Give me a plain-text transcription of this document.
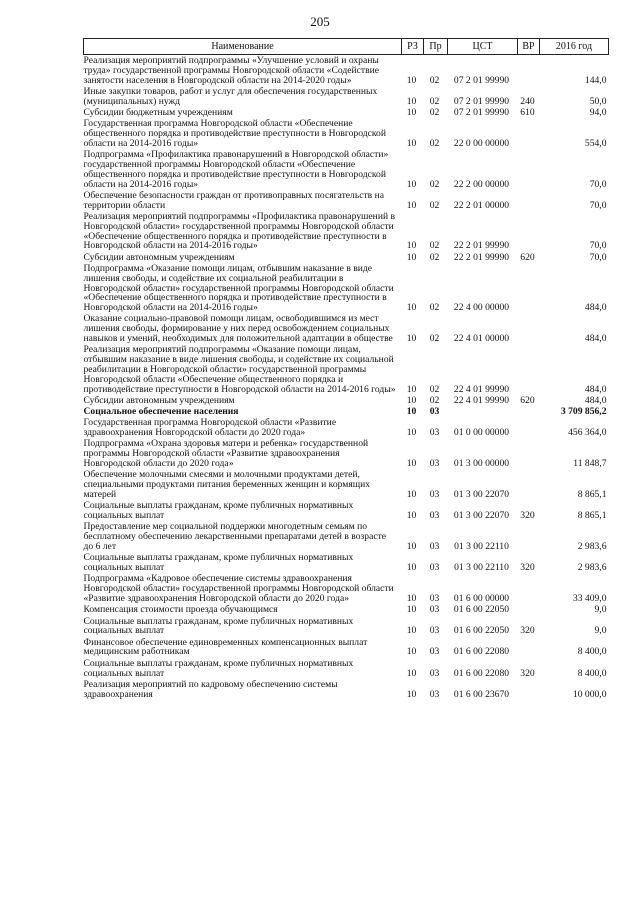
205
Наименование	РЗ	Пр	ЦСТ	ВР	2016 год
Реализация мероприятий подпрограммы «Улучшение условий и охраны труда» государственной программы Новгородской области «Содействие занятости населения в Новгородской области на 2014-2020 годы»	10	02	07 2 01 99990		144,0
Иные закупки товаров, работ и услуг для обеспечения государственных (муниципальных) нужд	10	02	07 2 01 99990	240	50,0
Субсидии бюджетным учреждениям	10	02	07 2 01 99990	610	94,0
Государственная программа Новгородской области «Обеспечение общественного порядка и противодействие преступности в Новгородской области на 2014-2016 годы»	10	02	22 0 00 00000		554,0
Подпрограмма «Профилактика правонарушений в Новгородской области» государственной программы Новгородской области «Обеспечение общественного порядка и противодействие преступности в Новгородской области на 2014-2016 годы»	10	02	22 2 00 00000		70,0
Обеспечение безопасности граждан от противоправных посягательств на территории области	10	02	22 2 01 00000		70,0
Реализация мероприятий подпрограммы «Профилактика правонарушений в Новгородской области» государственной программы Новгородской области «Обеспечение общественного порядка и противодействие преступности в Новгородской области на 2014-2016 годы»	10	02	22 2 01 99990		70,0
Субсидии автономным учреждениям	10	02	22 2 01 99990	620	70,0
Подпрограмма «Оказание помощи лицам, отбывшим наказание в виде лишения свободы, и содействие их социальной реабилитации в Новгородской области» государственной программы Новгородской области «Обеспечение общественного порядка и противодействие преступности в Новгородской области на 2014-2016 годы»	10	02	22 4 00 00000		484,0
Оказание социально-правовой помощи лицам, освободившимся из мест лишения свободы, формирование у них перед освобождением социальных навыков и умений, необходимых для положительной адаптации в обществе	10	02	22 4 01 00000		484,0
Реализация мероприятий подпрограммы «Оказание помощи лицам, отбывшим наказание в виде лишения свободы, и содействие их социальной реабилитации в Новгородской области» государственной программы Новгородской области «Обеспечение общественного порядка и противодействие преступности в Новгородской области на 2014-2016 годы»	10	02	22 4 01 99990		484,0
Субсидии автономным учреждениям	10	02	22 4 01 99990	620	484,0
Социальное обеспечение населения	10	03			3 709 856,2
Государственная программа Новгородской области «Развитие здравоохранения Новгородской области до 2020 года»	10	03	01 0 00 00000		456 364,0
Подпрограмма «Охрана здоровья матери и ребенка» государственной программы Новгородской области «Развитие здравоохранения Новгородской области до 2020 года»	10	03	01 3 00 00000		11 848,7
Обеспечение молочными смесями и молочными продуктами детей, специальными продуктами питания беременных женщин и кормящих матерей	10	03	01 3 00 22070		8 865,1
Социальные выплаты гражданам, кроме публичных нормативных социальных выплат	10	03	01 3 00 22070	320	8 865,1
Предоставление мер социальной поддержки многодетным семьям по бесплатному обеспечению лекарственными препаратами детей в возрасте до 6 лет	10	03	01 3 00 22110		2 983,6
Социальные выплаты гражданам, кроме публичных нормативных социальных выплат	10	03	01 3 00 22110	320	2 983,6
Подпрограмма «Кадровое обеспечение системы здравоохранения Новгородской области» государственной программы Новгородской области «Развитие здравоохранения Новгородской области до 2020 года»	10	03	01 6 00 00000		33 409,0
Компенсация стоимости проезда обучающимся	10	03	01 6 00 22050		9,0
Социальные выплаты гражданам, кроме публичных нормативных социальных выплат	10	03	01 6 00 22050	320	9,0
Финансовое обеспечение единовременных компенсационных выплат медицинским работникам	10	03	01 6 00 22080		8 400,0
Социальные выплаты гражданам, кроме публичных нормативных социальных выплат	10	03	01 6 00 22080	320	8 400,0
Реализация мероприятий по кадровому обеспечению системы здравоохранения	10	03	01 6 00 23670		10 000,0
